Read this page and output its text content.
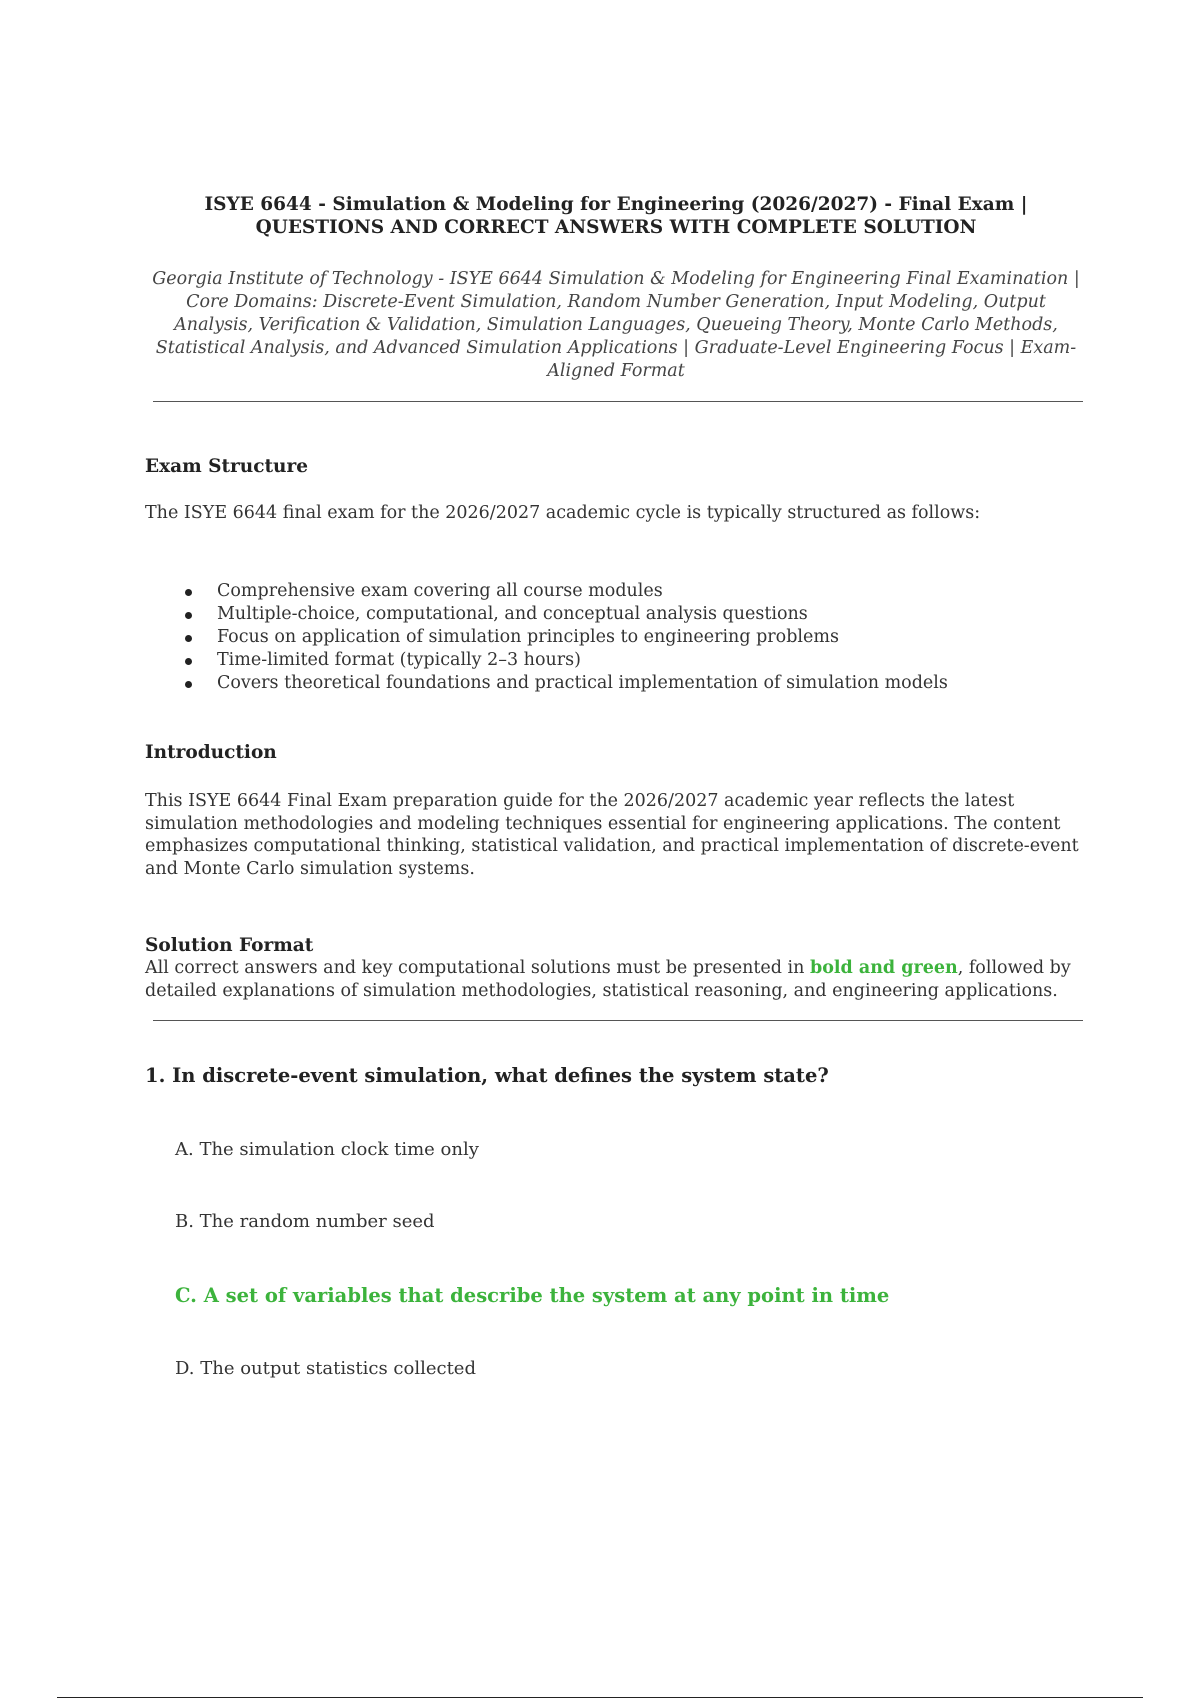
ISYE 6644 - Simulation & Modeling for Engineering (2026/2027) - Final Exam |
QUESTIONS AND CORRECT ANSWERS WITH COMPLETE SOLUTION
Georgia Institute of Technology - ISYE 6644 Simulation & Modeling for Engineering Final Examination | Core Domains: Discrete-Event Simulation, Random Number Generation, Input Modeling, Output Analysis, Verification & Validation, Simulation Languages, Queueing Theory, Monte Carlo Methods, Statistical Analysis, and Advanced Simulation Applications | Graduate-Level Engineering Focus | Exam-Aligned Format
Exam Structure
The ISYE 6644 final exam for the 2026/2027 academic cycle is typically structured as follows:
Comprehensive exam covering all course modules
Multiple-choice, computational, and conceptual analysis questions
Focus on application of simulation principles to engineering problems
Time-limited format (typically 2–3 hours)
Covers theoretical foundations and practical implementation of simulation models
Introduction
This ISYE 6644 Final Exam preparation guide for the 2026/2027 academic year reflects the latest simulation methodologies and modeling techniques essential for engineering applications. The content emphasizes computational thinking, statistical validation, and practical implementation of discrete-event and Monte Carlo simulation systems.
Solution Format
All correct answers and key computational solutions must be presented in bold and green, followed by detailed explanations of simulation methodologies, statistical reasoning, and engineering applications.
1. In discrete-event simulation, what defines the system state?
A. The simulation clock time only
B. The random number seed
C. A set of variables that describe the system at any point in time
D. The output statistics collected
